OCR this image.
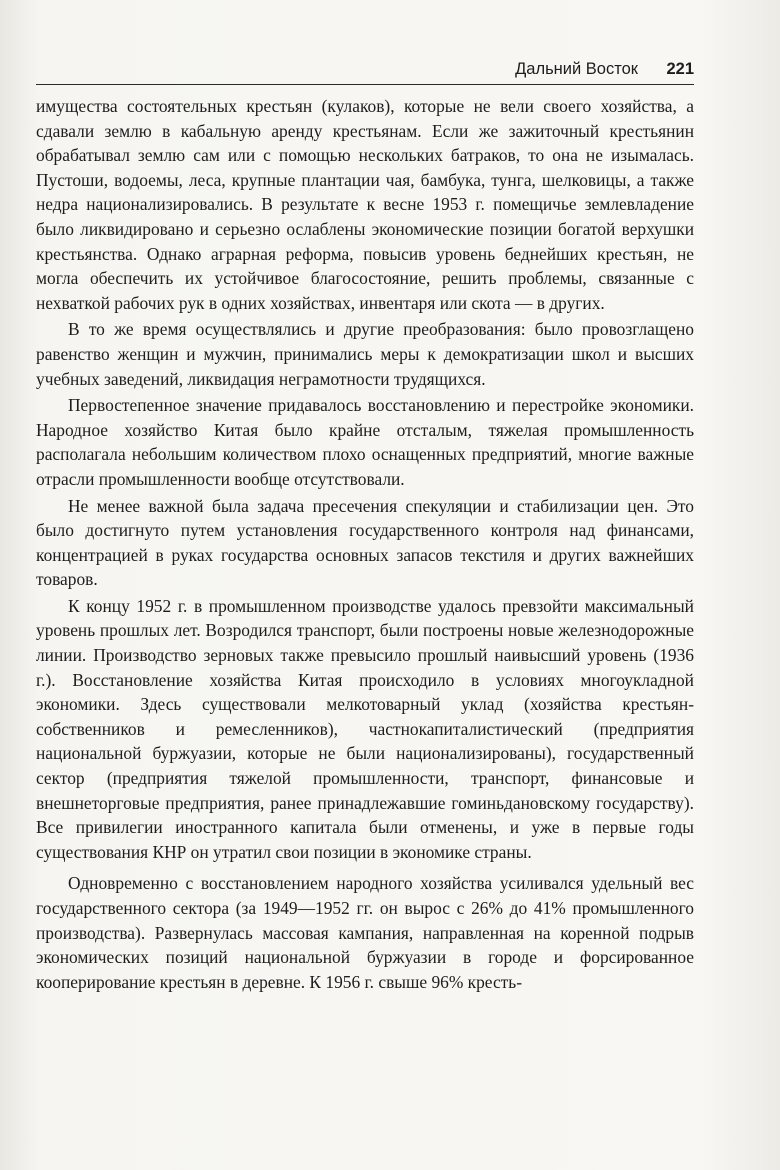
Дальний Восток 221

имущества состоятельных крестьян (кулаков), которые не вели своего хозяйства, а сдавали землю в кабальную аренду крестьянам. Если же зажиточный крестьянин обрабатывал землю сам или с помощью нескольких батраков, то она не изымалась. Пустоши, водоемы, леса, крупные плантации чая, бамбука, тунга, шелковицы, а также недра национализировались. В результате к весне 1953 г. помещичье землевладение было ликвидировано и серьезно ослаблены экономические позиции богатой верхушки крестьянства. Однако аграрная реформа, повысив уровень беднейших крестьян, не могла обеспечить их устойчивое благосостояние, решить проблемы, связанные с нехваткой рабочих рук в одних хозяйствах, инвентаря или скота — в других.

В то же время осуществлялись и другие преобразования: было провозглащено равенство женщин и мужчин, принимались меры к демократизации школ и высших учебных заведений, ликвидация неграмотности трудящихся.

Первостепенное значение придавалось восстановлению и перестройке экономики. Народное хозяйство Китая было крайне отсталым, тяжелая промышленность располагала небольшим количеством плохо оснащенных предприятий, многие важные отрасли промышленности вообще отсутствовали.

Не менее важной была задача пресечения спекуляции и стабилизации цен. Это было достигнуто путем установления государственного контроля над финансами, концентрацией в руках государства основных запасов текстиля и других важнейших товаров.

К концу 1952 г. в промышленном производстве удалось превзойти максимальный уровень прошлых лет. Возродился транспорт, были построены новые железнодорожные линии. Производство зерновых также превысило прошлый наивысший уровень (1936 г.). Восстановление хозяйства Китая происходило в условиях многоукладной экономики. Здесь существовали мелкотоварный уклад (хозяйства крестьян-собственников и ремесленников), частнокапиталистический (предприятия национальной буржуазии, которые не были национализированы), государственный сектор (предприятия тяжелой промышленности, транспорт, финансовые и внешнеторговые предприятия, ранее принадлежавшие гоминьдановскому государству). Все привилегии иностранного капитала были отменены, и уже в первые годы существования КНР он утратил свои позиции в экономике страны.

Одновременно с восстановлением народного хозяйства усиливался удельный вес государственного сектора (за 1949—1952 гг. он вырос с 26% до 41% промышленного производства). Развернулась массовая кампания, направленная на коренной подрыв экономических позиций национальной буржуазии в городе и форсированное кооперирование крестьян в деревне. К 1956 г. свыше 96% кресть-
